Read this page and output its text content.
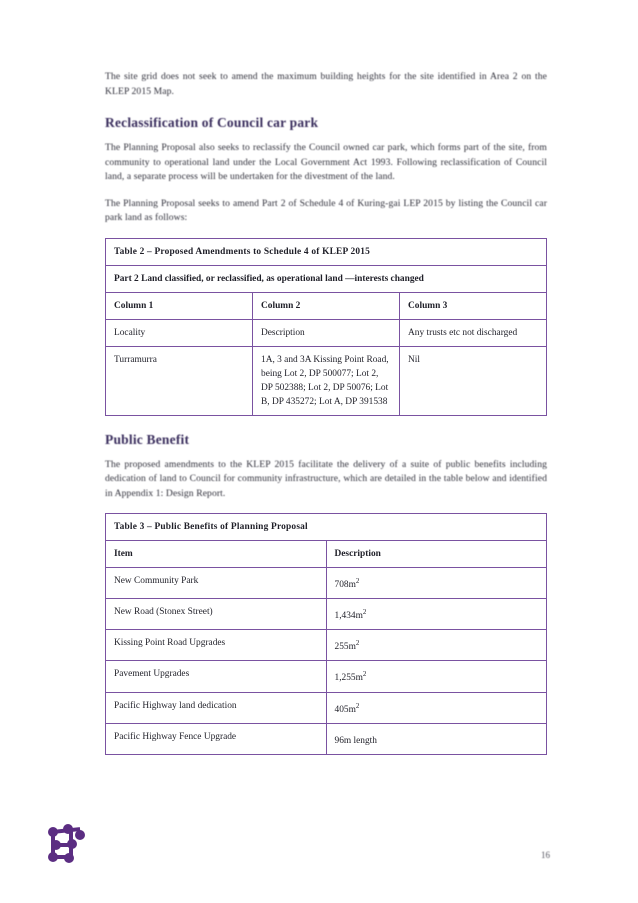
The site grid does not seek to amend the maximum building heights for the site identified in Area 2 on the KLEP 2015 Map.

Reclassification of Council car park

The Planning Proposal also seeks to reclassify the Council owned car park, which forms part of the site, from community to operational land under the Local Government Act 1993. Following reclassification of Council land, a separate process will be undertaken for the divestment of the land.

The Planning Proposal seeks to amend Part 2 of Schedule 4 of Kuring-gai LEP 2015 by listing the Council car park land as follows:

Table 2 – Proposed Amendments to Schedule 4 of KLEP 2015		
Part 2 Land classified, or reclassified, as operational land —interests changed		
Column 1	Column 2	Column 3
Locality	Description	Any trusts etc not discharged
Turramurra	1A, 3 and 3A Kissing Point Road, being Lot 2, DP 500077; Lot 2, DP 502388; Lot 2, DP 50076; Lot B, DP 435272; Lot A, DP 391538	Nil
Public Benefit

The proposed amendments to the KLEP 2015 facilitate the delivery of a suite of public benefits including dedication of land to Council for community infrastructure, which are detailed in the table below and identified in Appendix 1: Design Report.

Table 3 – Public Benefits of Planning Proposal	
Item	Description
New Community Park	$708m^2$
New Road (Stonex Street)	$1,434m^2$
Kissing Point Road Upgrades	$255m^2$
Pavement Upgrades	$1,255m^2$
Pacific Highway land dedication	$405m^2$
Pacific Highway Fence Upgrade	96m length
16
